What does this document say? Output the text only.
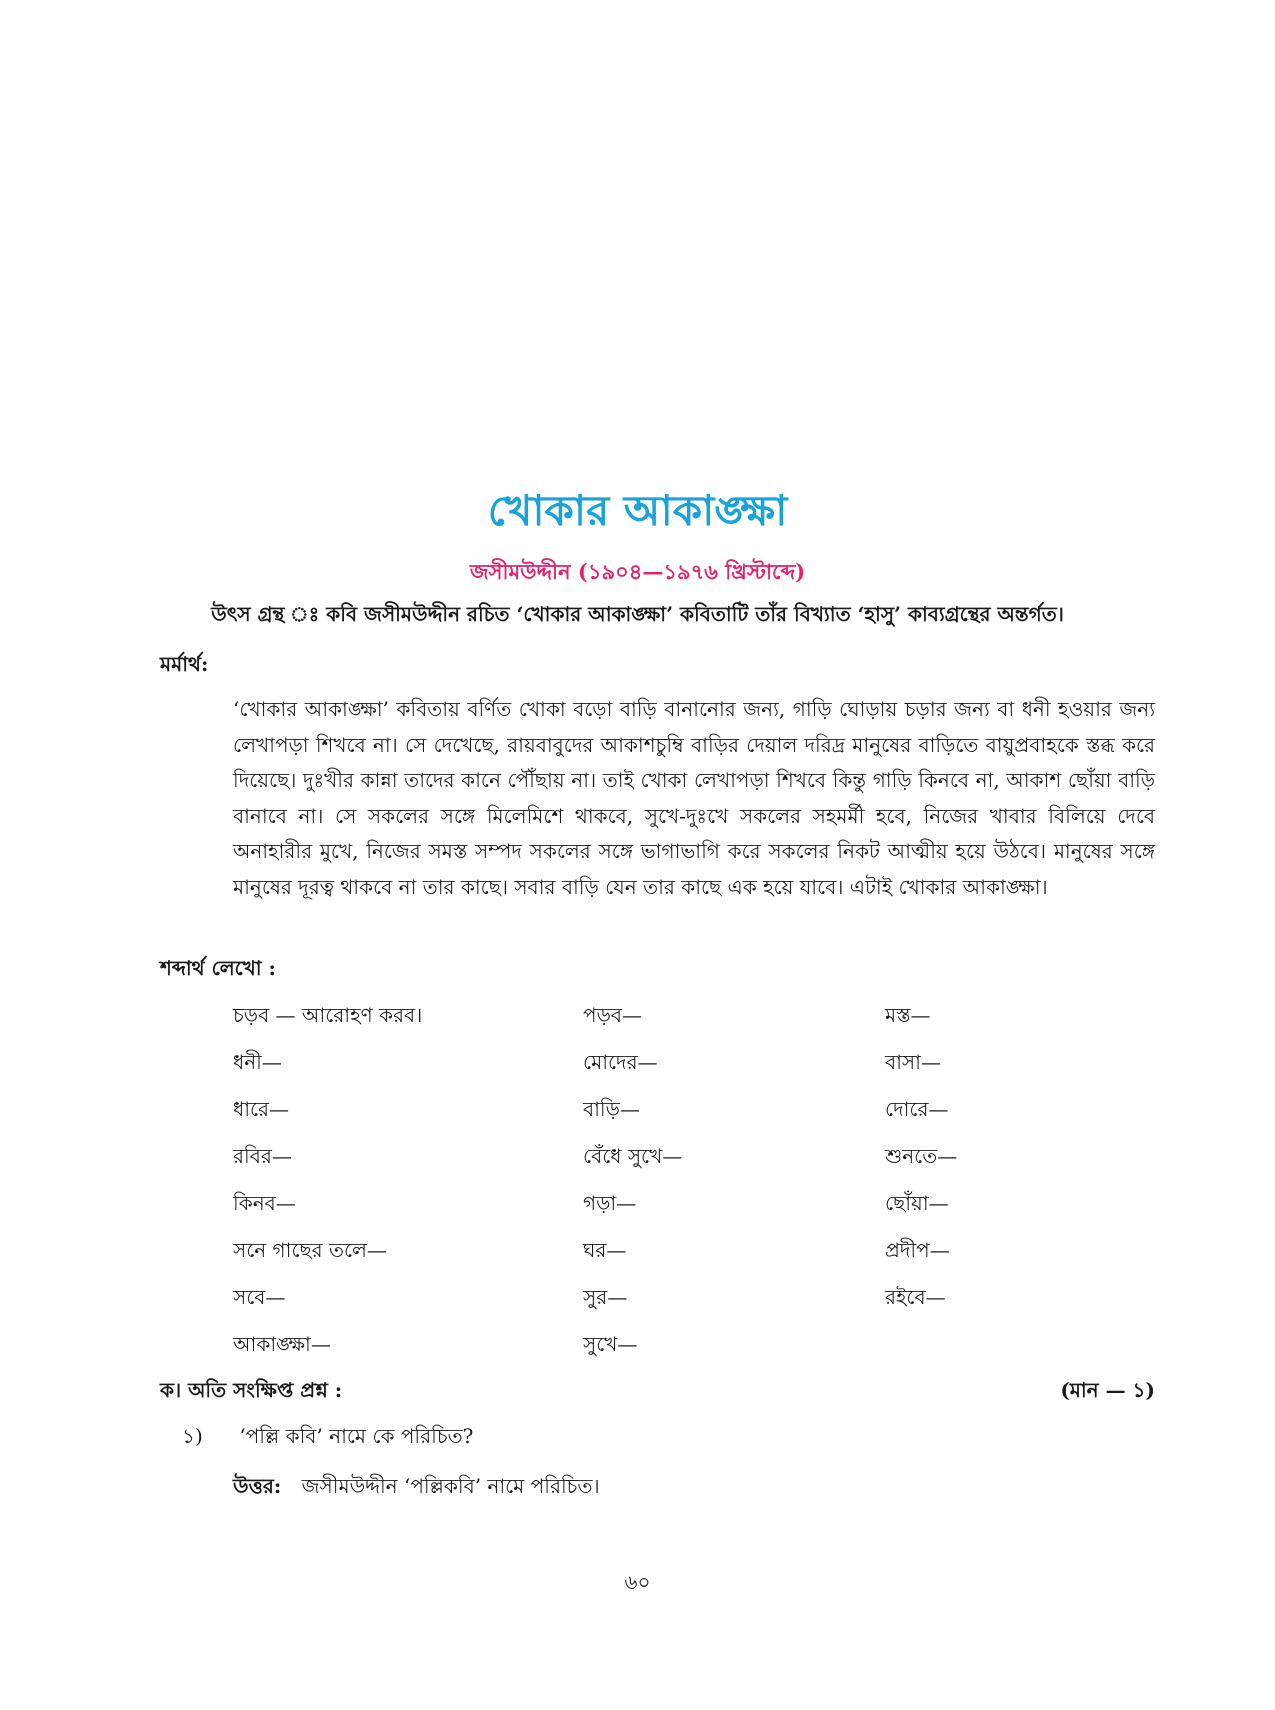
খোকার আকাঙ্ক্ষা
জসীমউদ্দীন (১৯০৪—১৯৭৬ খ্রিস্টাব্দে)
উৎস গ্রন্থ ঃ কবি জসীমউদ্দীন রচিত ‘খোকার আকাঙ্ক্ষা’ কবিতাটি তাঁর বিখ্যাত ‘হাসু’ কাব্যগ্রন্থের অন্তর্গত।
মর্মার্থ:

‘খোকার আকাঙ্ক্ষা’ কবিতায় বর্ণিত খোকা বড়ো বাড়ি বানানোর জন্য, গাড়ি ঘোড়ায় চড়ার জন্য বা ধনী হওয়ার জন্য লেখাপড়া শিখবে না। সে দেখেছে, রায়বাবুদের আকাশচুম্বি বাড়ির দেয়াল দরিদ্র মানুষের বাড়িতে বায়ুপ্রবাহকে স্তব্ধ করে দিয়েছে। দুঃখীর কান্না তাদের কানে পৌঁছায় না। তাই খোকা লেখাপড়া শিখবে কিন্তু গাড়ি কিনবে না, আকাশ ছোঁয়া বাড়ি বানাবে না। সে সকলের সঙ্গে মিলেমিশে থাকবে, সুখে-দুঃখে সকলের সহমর্মী হবে, নিজের খাবার বিলিয়ে দেবে অনাহারীর মুখে, নিজের সমস্ত সম্পদ সকলের সঙ্গে ভাগাভাগি করে সকলের নিকট আত্মীয় হয়ে উঠবে। মানুষের সঙ্গে মানুষের দূরত্ব থাকবে না তার কাছে। সবার বাড়ি যেন তার কাছে এক হয়ে যাবে। এটাই খোকার আকাঙ্ক্ষা।

শব্দার্থ লেখো :
চড়ব — আরোহণ করব।
ধনী—
ধারে—
রবির—
কিনব—
সনে গাছের তলে—
সবে—
আকাঙ্ক্ষা—
পড়ব—
মোদের—
বাড়ি—
বেঁধে সুখে—
গড়া—
ঘর—
সুর—
সুখে—
মস্ত—
বাসা—
দোরে—
শুনতে—
ছোঁয়া—
প্রদীপ—
রইবে—
ক। অতি সংক্ষিপ্ত প্রশ্ন :	(মান — ১)
১) ‘পল্লি কবি’ নামে কে পরিচিত?
উত্তর: জসীমউদ্দীন ‘পল্লিকবি’ নামে পরিচিত।
৬০
